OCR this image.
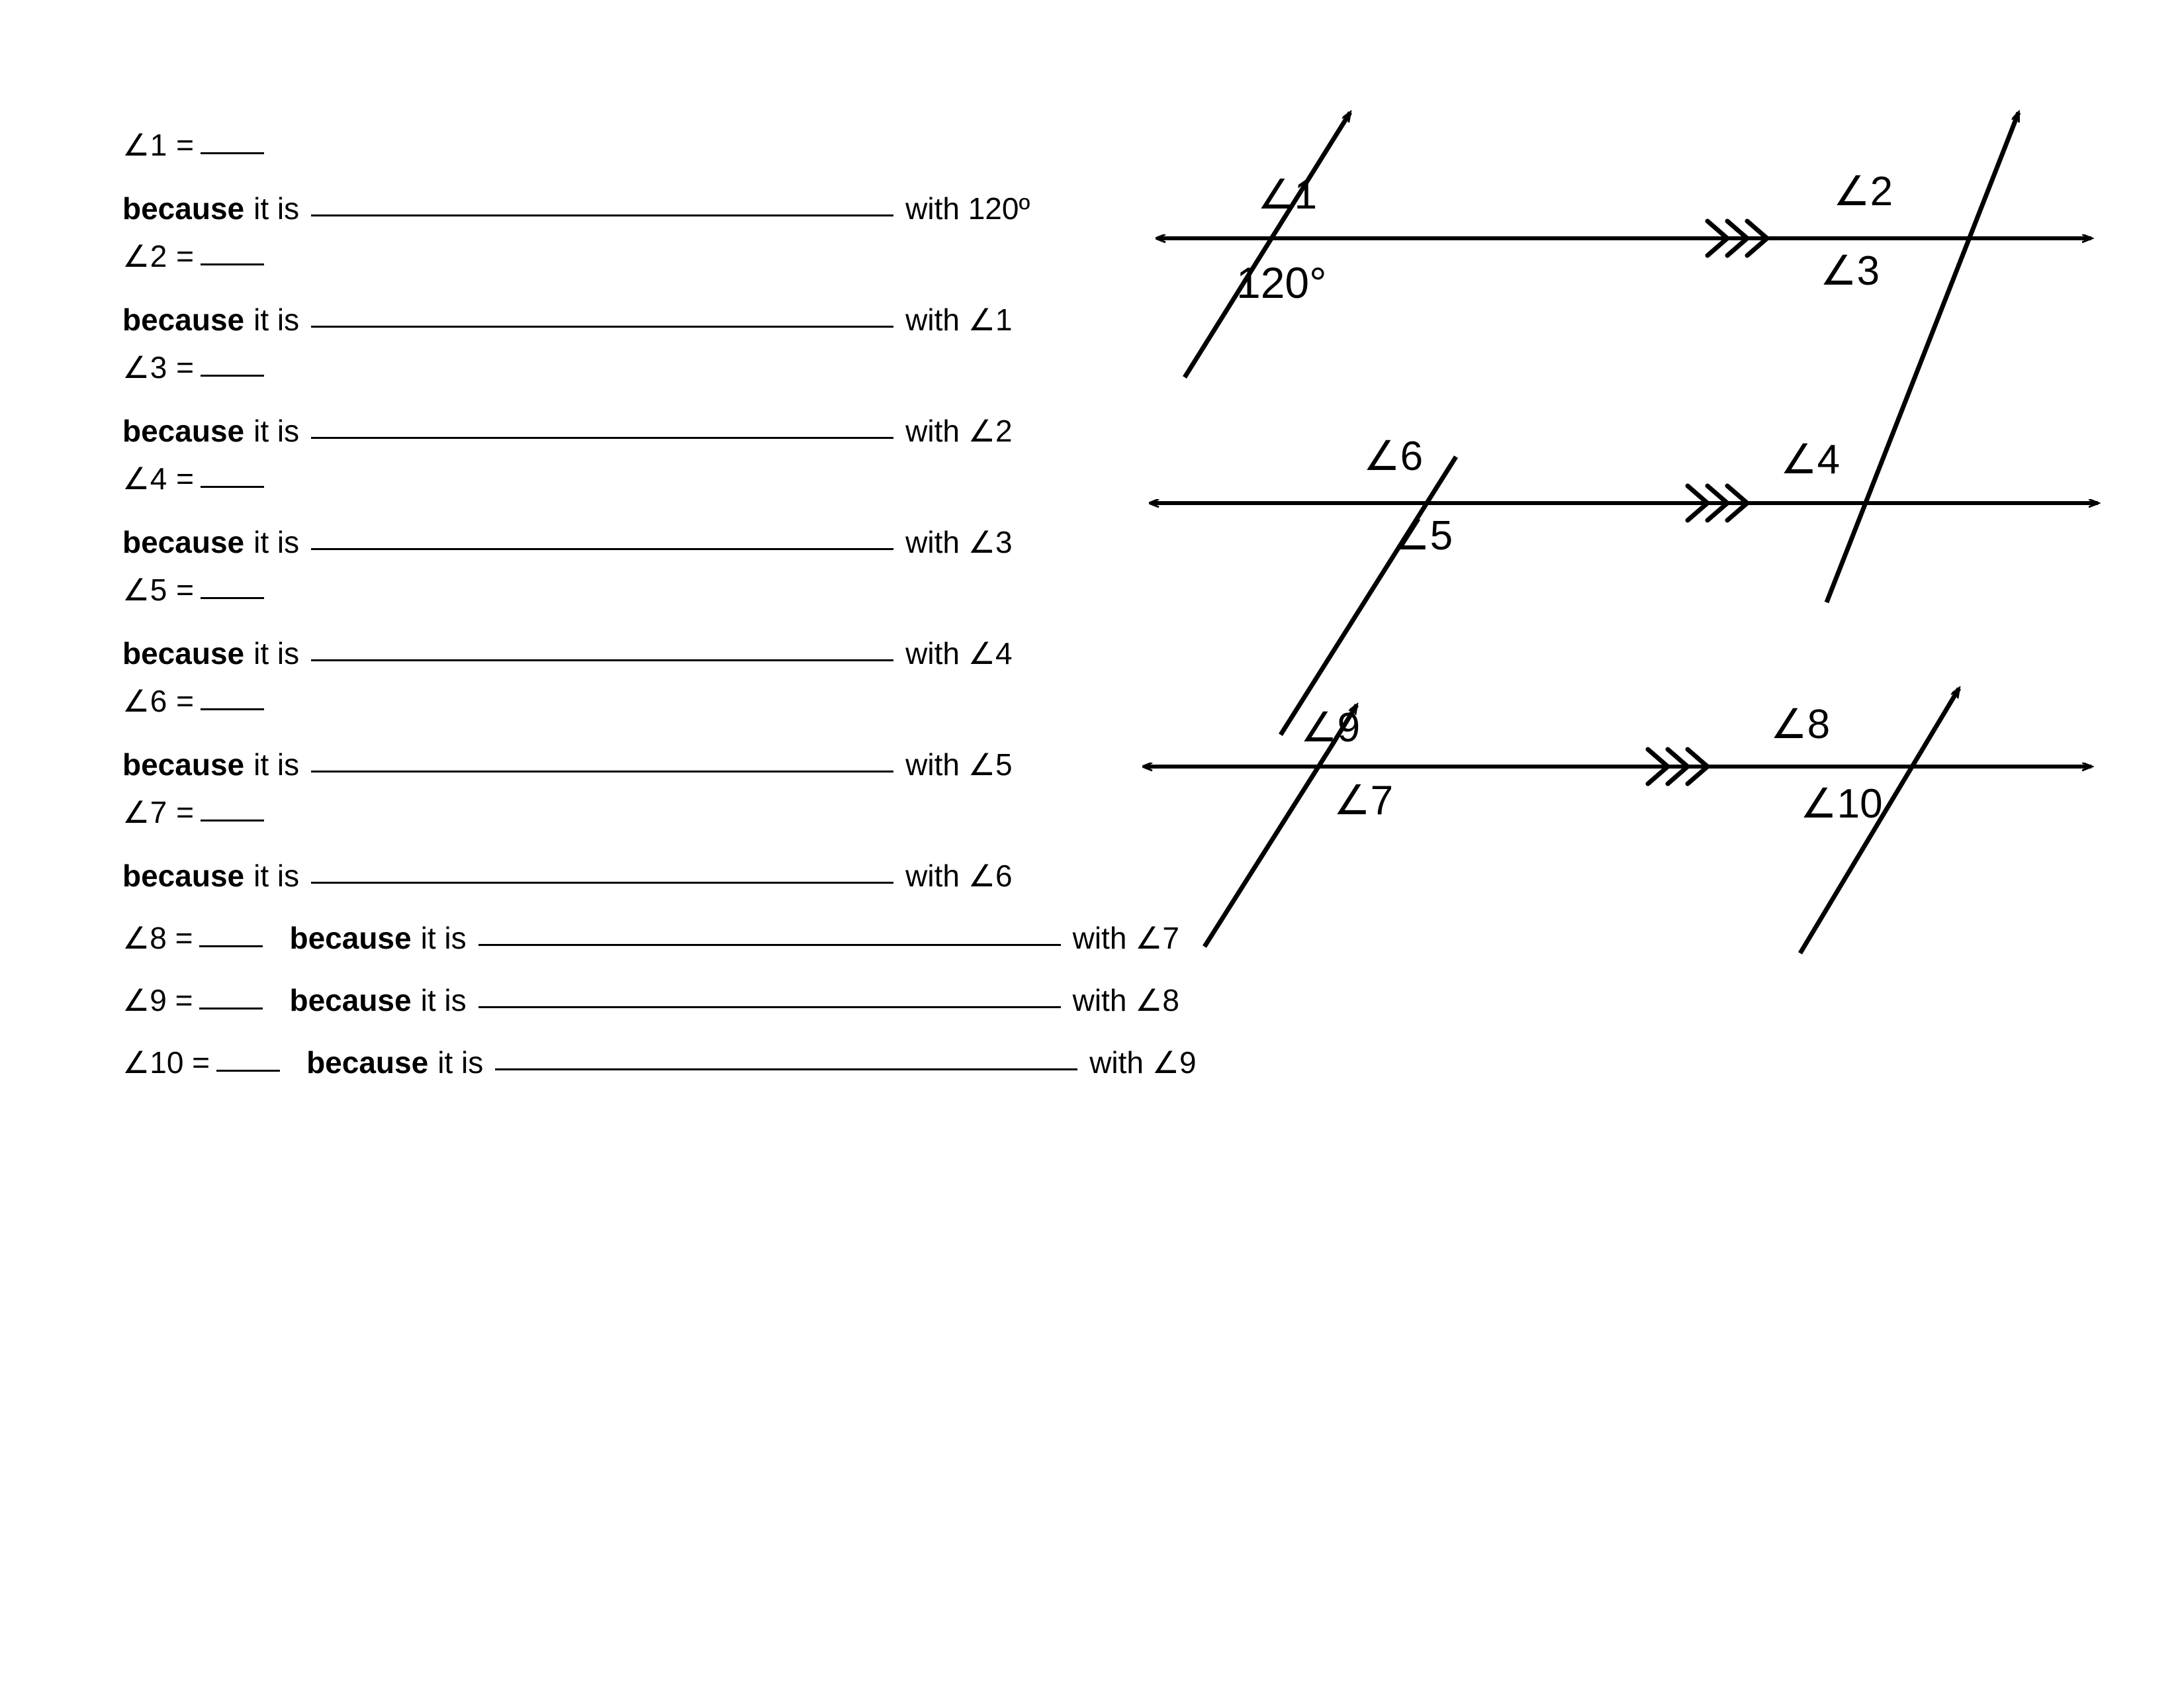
∠1 =
because it is	with 120º
∠2 =
because it is	with ∠1
∠3 =
because it is	with ∠2
∠4 =
because it is	with ∠3
∠5 =
because it is	with ∠4
∠6 =
because it is	with ∠5
∠7 =
because it is	with ∠6
∠8 =	because it is	with ∠7
∠9 =	because it is	with ∠8
∠10 =	because it is	with ∠9
∠1
120°
∠2
∠3
∠6
∠5
∠4
∠9
∠7
∠8
∠10
